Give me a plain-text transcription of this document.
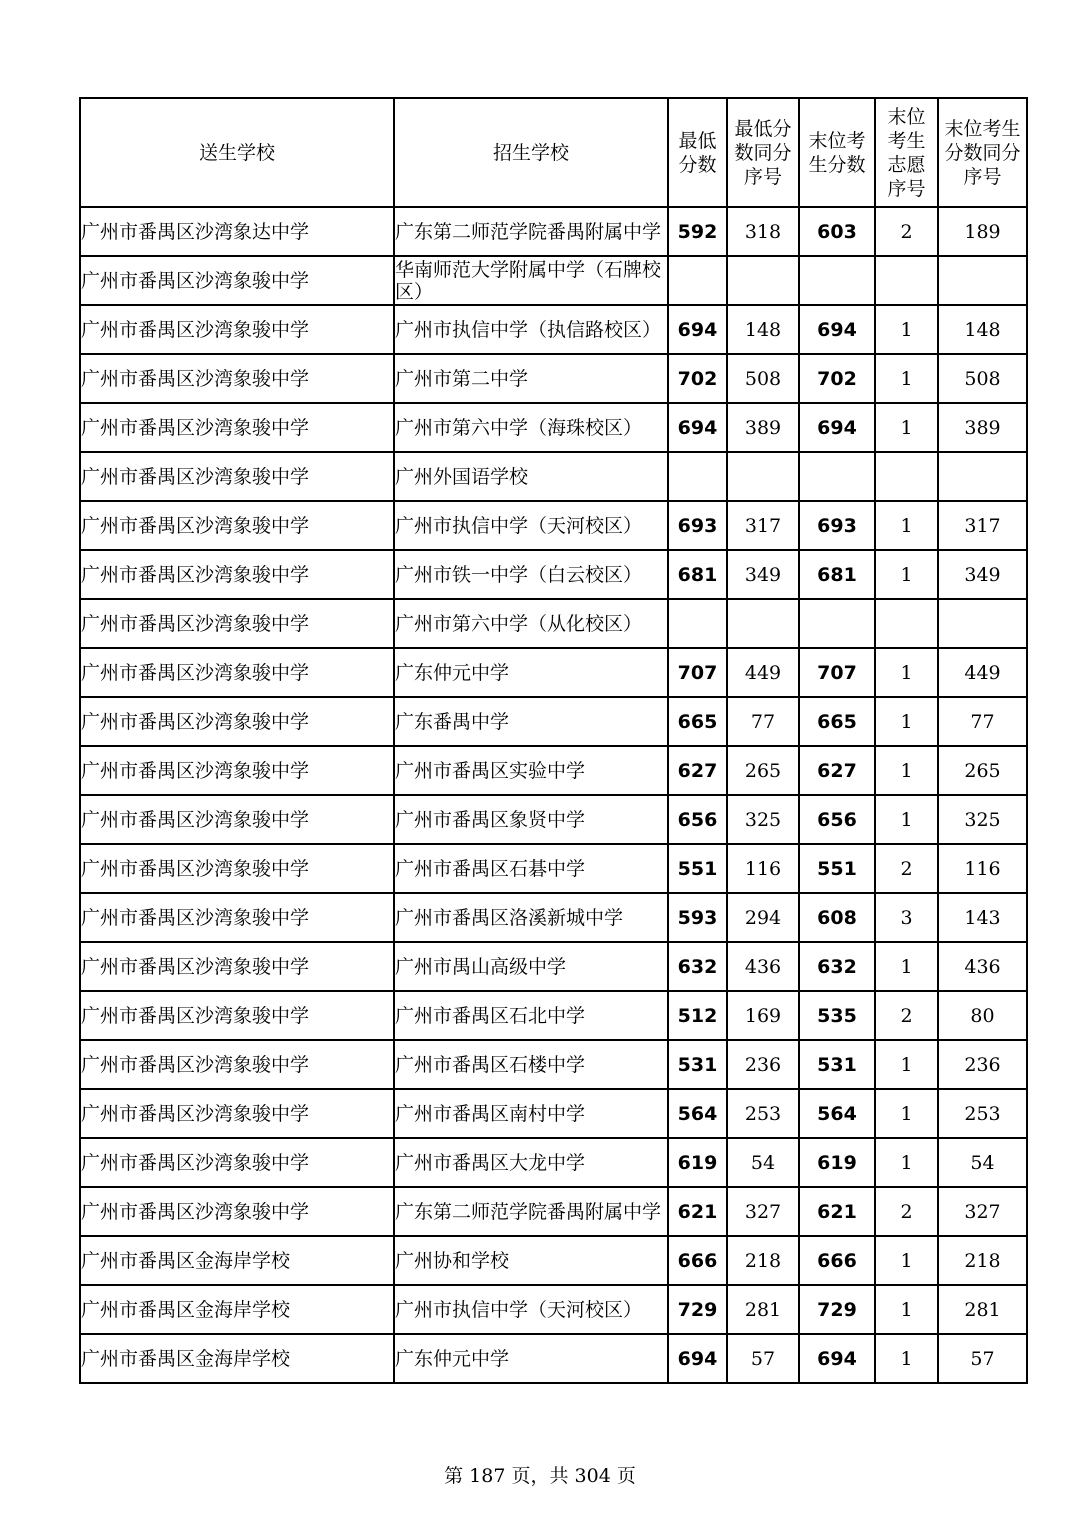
送生学校	招生学校	最低分数	最低分数同分序号	末位考生分数	末位考生志愿序号	末位考生分数同分序号
广州市番禺区沙湾象达中学	广东第二师范学院番禺附属中学	592	318	603	2	189
广州市番禺区沙湾象骏中学	华南师范大学附属中学（石牌校区）					
广州市番禺区沙湾象骏中学	广州市执信中学（执信路校区）	694	148	694	1	148
广州市番禺区沙湾象骏中学	广州市第二中学	702	508	702	1	508
广州市番禺区沙湾象骏中学	广州市第六中学（海珠校区）	694	389	694	1	389
广州市番禺区沙湾象骏中学	广州外国语学校					
广州市番禺区沙湾象骏中学	广州市执信中学（天河校区）	693	317	693	1	317
广州市番禺区沙湾象骏中学	广州市铁一中学（白云校区）	681	349	681	1	349
广州市番禺区沙湾象骏中学	广州市第六中学（从化校区）					
广州市番禺区沙湾象骏中学	广东仲元中学	707	449	707	1	449
广州市番禺区沙湾象骏中学	广东番禺中学	665	77	665	1	77
广州市番禺区沙湾象骏中学	广州市番禺区实验中学	627	265	627	1	265
广州市番禺区沙湾象骏中学	广州市番禺区象贤中学	656	325	656	1	325
广州市番禺区沙湾象骏中学	广州市番禺区石碁中学	551	116	551	2	116
广州市番禺区沙湾象骏中学	广州市番禺区洛溪新城中学	593	294	608	3	143
广州市番禺区沙湾象骏中学	广州市禺山高级中学	632	436	632	1	436
广州市番禺区沙湾象骏中学	广州市番禺区石北中学	512	169	535	2	80
广州市番禺区沙湾象骏中学	广州市番禺区石楼中学	531	236	531	1	236
广州市番禺区沙湾象骏中学	广州市番禺区南村中学	564	253	564	1	253
广州市番禺区沙湾象骏中学	广州市番禺区大龙中学	619	54	619	1	54
广州市番禺区沙湾象骏中学	广东第二师范学院番禺附属中学	621	327	621	2	327
广州市番禺区金海岸学校	广州协和学校	666	218	666	1	218
广州市番禺区金海岸学校	广州市执信中学（天河校区）	729	281	729	1	281
广州市番禺区金海岸学校	广东仲元中学	694	57	694	1	57
第 187 页，共 304 页
